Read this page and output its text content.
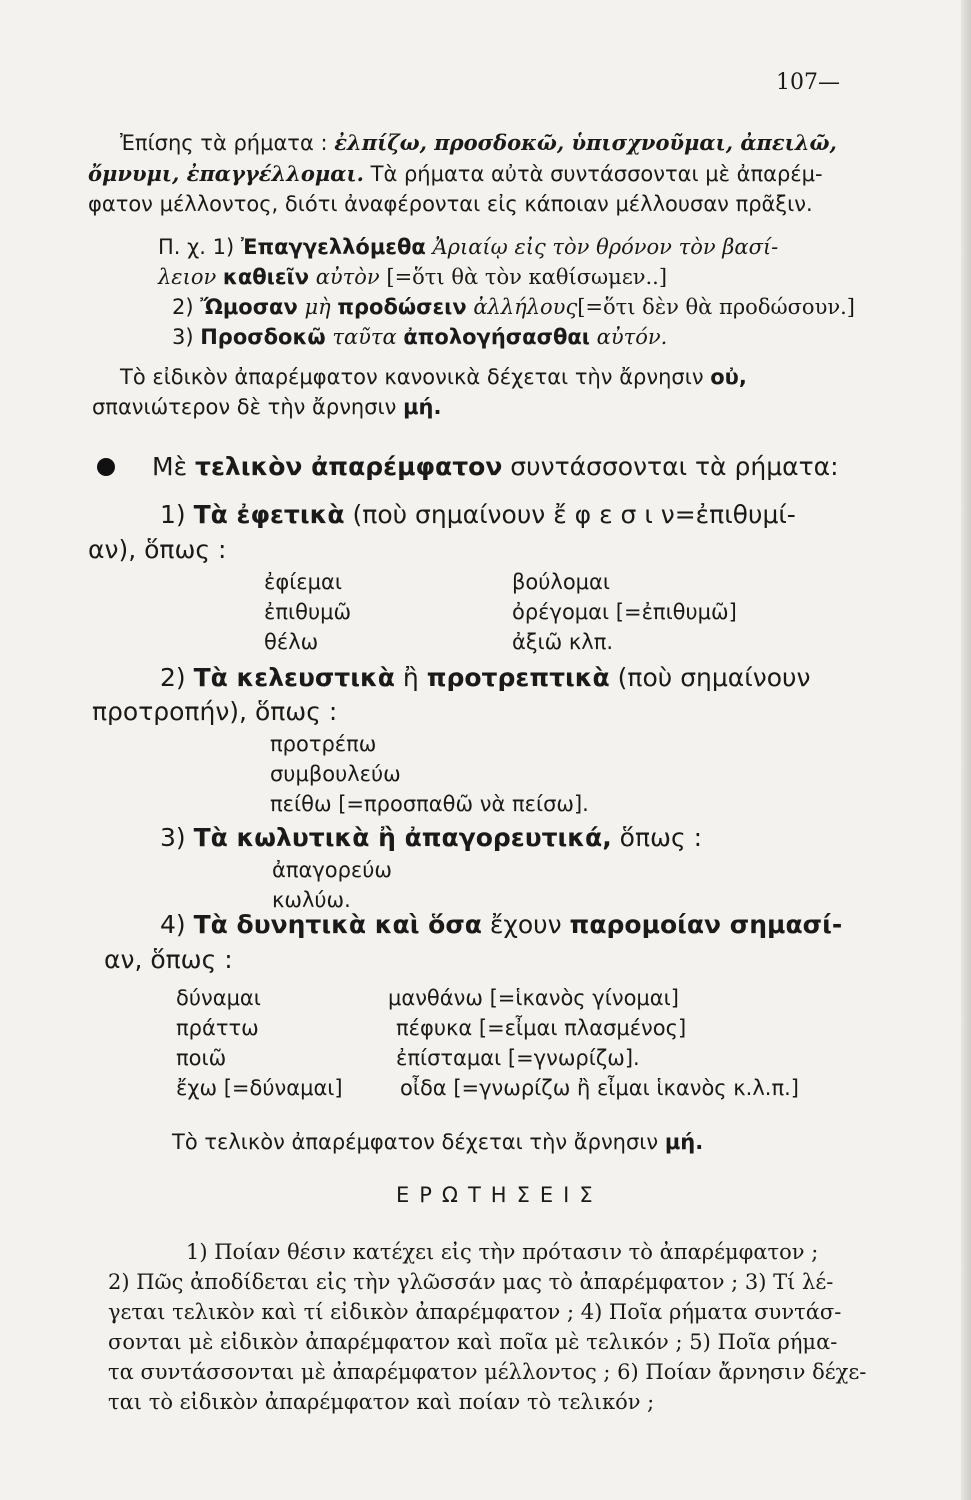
107—
Ἐπίσης τὰ ρήματα : ἐλπίζω, προσδοκῶ, ὑπισχνοῦμαι, ἀπειλῶ,
ὄμνυμι, ἐπαγγέλλομαι. Τὰ ρήματα αὐτὰ συντάσσονται μὲ ἀπαρέμ-
φατον μέλλοντος, διότι ἀναφέρονται εἰς κάποιαν μέλλουσαν πρᾶξιν.
Π. χ. 1) Ἐπαγγελλόμεθα Ἀριαίῳ εἰς τὸν θρόνον τὸν βασί-
λειον καθιεῖν αὐτὸν [=ὅτι θὰ τὸν καθίσωμεν..]
2) Ὤμοσαν μὴ προδώσειν ἀλλήλους[=ὅτι δὲν θὰ προδώσουν.]
3) Προσδοκῶ ταῦτα ἀπολογήσασθαι αὐτόν.
Τὸ εἰδικὸν ἀπαρέμφατον κανονικὰ δέχεται τὴν ἄρνησιν οὐ,
σπανιώτερον δὲ τὴν ἄρνησιν μή.
Μὲ τελικὸν ἀπαρέμφατον συντάσσονται τὰ ρήματα:
1) Τὰ ἐφετικὰ (ποὺ σημαίνουν ἔ φ ε σ ι ν=ἐπιθυμί-
αν), ὅπως :
ἐφίεμαι
ἐπιθυμῶ
θέλω
βούλομαι
ὀρέγομαι [=ἐπιθυμῶ]
ἀξιῶ κλπ.
2) Τὰ κελευστικὰ ἢ προτρεπτικὰ (ποὺ σημαίνουν
προτροπήν), ὅπως :
προτρέπω
συμβουλεύω
πείθω [=προσπαθῶ νὰ πείσω].
3) Τὰ κωλυτικὰ ἢ ἀπαγορευτικά, ὅπως :
ἀπαγορεύω
κωλύω.
4) Τὰ δυνητικὰ καὶ ὅσα ἔχουν παρομοίαν σημασί-
αν, ὅπως :
δύναμαι
πράττω
ποιῶ
ἔχω [=δύναμαι]
μανθάνω [=ἱκανὸς γίνομαι]
πέφυκα [=εἶμαι πλασμένος]
ἐπίσταμαι [=γνωρίζω].
οἶδα [=γνωρίζω ἢ εἶμαι ἱκανὸς κ.λ.π.]
Τὸ τελικὸν ἀπαρέμφατον δέχεται τὴν ἄρνησιν μή.
ΕΡΩΤΗΣΕΙΣ
1) Ποίαν θέσιν κατέχει εἰς τὴν πρότασιν τὸ ἀπαρέμφατον ;
2) Πῶς ἀποδίδεται εἰς τὴν γλῶσσάν μας τὸ ἀπαρέμφατον ; 3) Τί λέ-
γεται τελικὸν καὶ τί εἰδικὸν ἀπαρέμφατον ; 4) Ποῖα ρήματα συντάσ-
σονται μὲ εἰδικὸν ἀπαρέμφατον καὶ ποῖα μὲ τελικόν ; 5) Ποῖα ρήμα-
τα συντάσσονται μὲ ἀπαρέμφατον μέλλοντος ; 6) Ποίαν ἄρνησιν δέχε-
ται τὸ εἰδικὸν ἀπαρέμφατον καὶ ποίαν τὸ τελικόν ;
